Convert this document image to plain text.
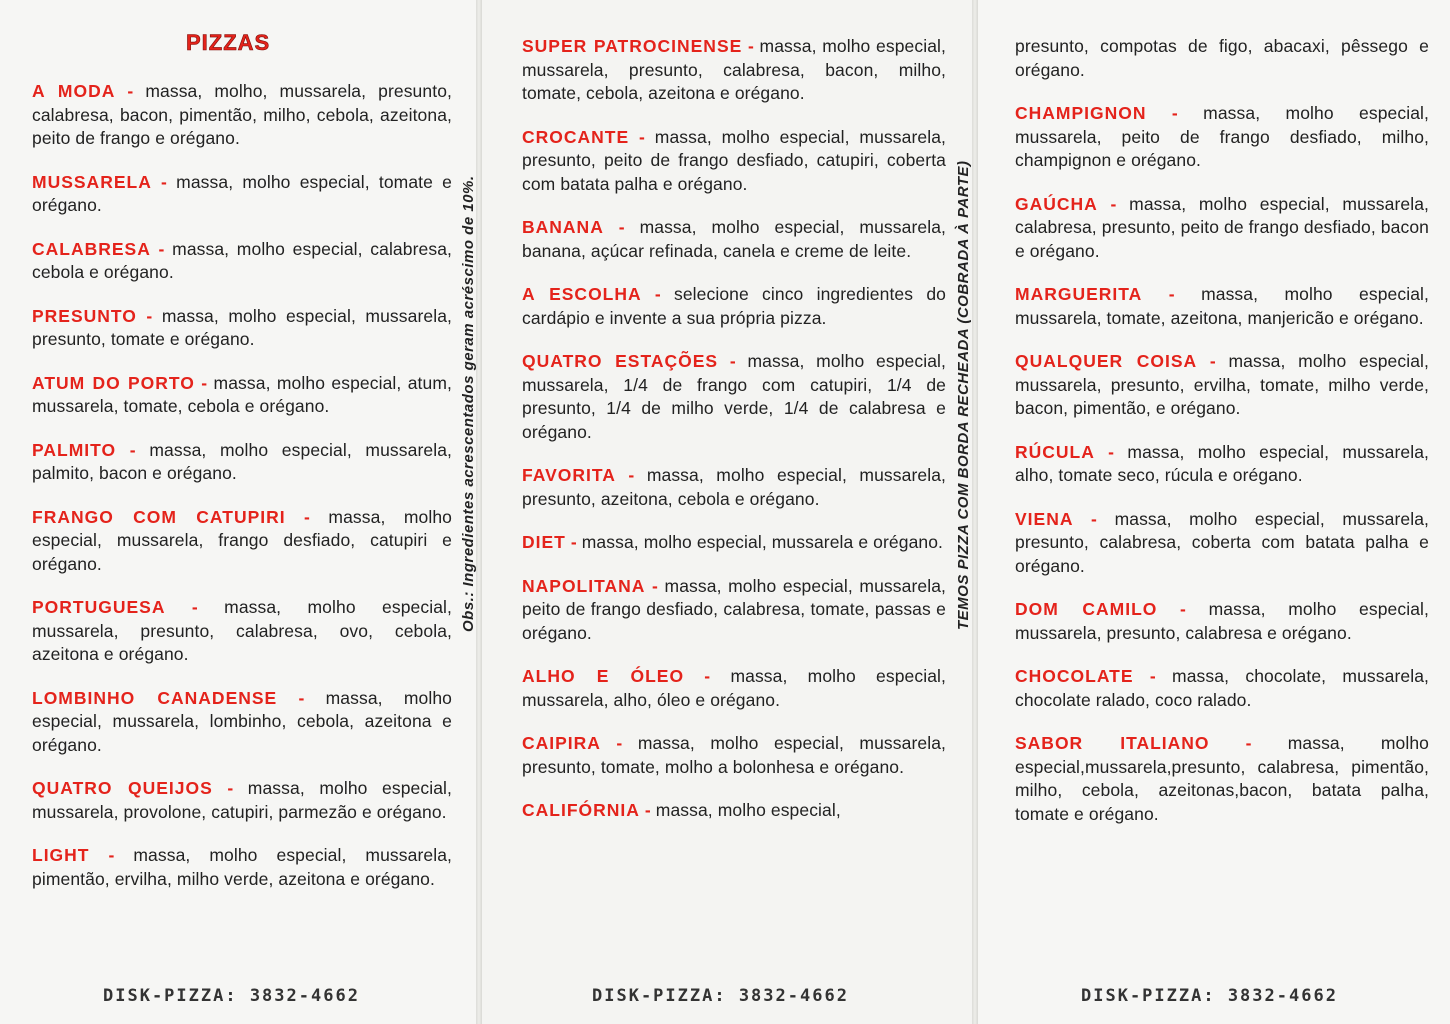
PIZZAS
A MODA - massa, molho, mussarela, presunto, calabresa, bacon, pimentão, milho, cebola, azeitona, peito de frango e orégano.
MUSSARELA - massa, molho especial, tomate e orégano.
CALABRESA - massa, molho especial, calabresa, cebola e orégano.
PRESUNTO - massa, molho especial, mussarela, presunto, tomate e orégano.
ATUM DO PORTO - massa, molho especial, atum, mussarela, tomate, cebola e orégano.
PALMITO - massa, molho especial, mussarela, palmito, bacon e orégano.
FRANGO COM CATUPIRI - massa, molho especial, mussarela, frango desfiado, catupiri e orégano.
PORTUGUESA - massa, molho especial, mussarela, presunto, calabresa, ovo, cebola, azeitona e orégano.
LOMBINHO CANADENSE - massa, molho especial, mussarela, lombinho, cebola, azeitona e orégano.
QUATRO QUEIJOS - massa, molho especial, mussarela, provolone, catupiri, parmezão e orégano.
LIGHT - massa, molho especial, mussarela, pimentão, ervilha, milho verde, azeitona e orégano.
DISK-PIZZA: 3832-4662
SUPER PATROCINENSE - massa, molho especial, mussarela, presunto, calabresa, bacon, milho, tomate, cebola, azeitona e orégano.
CROCANTE - massa, molho especial, mussarela, presunto, peito de frango desfiado, catupiri, coberta com batata palha e orégano.
BANANA - massa, molho especial, mussarela, banana, açúcar refinada, canela e creme de leite.
A ESCOLHA - selecione cinco ingredientes do cardápio e invente a sua própria pizza.
QUATRO ESTAÇÕES - massa, molho especial, mussarela, 1/4 de frango com catupiri, 1/4 de presunto, 1/4 de milho verde, 1/4 de calabresa e orégano.
FAVORITA - massa, molho especial, mussarela, presunto, azeitona, cebola e orégano.
DIET - massa, molho especial, mussarela e orégano.
NAPOLITANA - massa, molho especial, mussarela, peito de frango desfiado, calabresa, tomate, passas e orégano.
ALHO E ÓLEO - massa, molho especial, mussarela, alho, óleo e orégano.
CAIPIRA - massa, molho especial, mussarela, presunto, tomate, molho a bolonhesa e orégano.
CALIFÓRNIA - massa, molho especial,
DISK-PIZZA: 3832-4662
presunto, compotas de figo, abacaxi, pêssego e orégano.
CHAMPIGNON - massa, molho especial, mussarela, peito de frango desfiado, milho, champignon e orégano.
GAÚCHA - massa, molho especial, mussarela, calabresa, presunto, peito de frango desfiado, bacon e orégano.
MARGUERITA - massa, molho especial, mussarela, tomate, azeitona, manjericão e orégano.
QUALQUER COISA - massa, molho especial, mussarela, presunto, ervilha, tomate, milho verde, bacon, pimentão, e orégano.
RÚCULA - massa, molho especial, mussarela, alho, tomate seco, rúcula e orégano.
VIENA - massa, molho especial, mussarela, presunto, calabresa, coberta com batata palha e orégano.
DOM CAMILO - massa, molho especial, mussarela, presunto, calabresa e orégano.
CHOCOLATE - massa, chocolate, mussarela, chocolate ralado, coco ralado.
SABOR ITALIANO - massa, molho especial,mussarela,presunto, calabresa, pimentão, milho, cebola, azeitonas,bacon, batata palha, tomate e orégano.
DISK-PIZZA: 3832-4662
Obs.: Ingredientes acrescentados geram acréscimo de 10%.	TEMOS PIZZA COM BORDA RECHEADA (COBRADA À PARTE)
